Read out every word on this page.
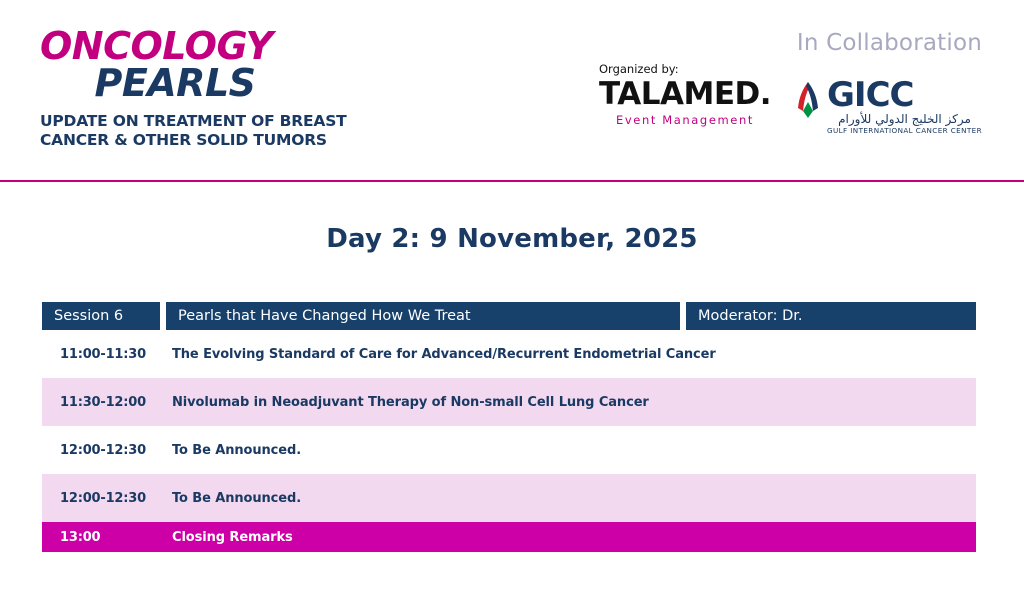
ONCOLOGY
PEARLS
UPDATE ON TREATMENT OF BREAST
CANCER & OTHER SOLID TUMORS
In Collaboration
Organized by:
TALAMED.
Event Management
GICC
مركز الخليج الدولي للأورام
GULF INTERNATIONAL CANCER CENTER
Day 2: 9 November, 2025
Session 6	Pearls that Have Changed How We Treat	Moderator: Dr.
11:00-11:30	The Evolving Standard of Care for Advanced/Recurrent Endometrial Cancer
11:30-12:00	Nivolumab in Neoadjuvant Therapy of Non-small Cell Lung Cancer
12:00-12:30	To Be Announced.
12:00-12:30	To Be Announced.
13:00	Closing Remarks
